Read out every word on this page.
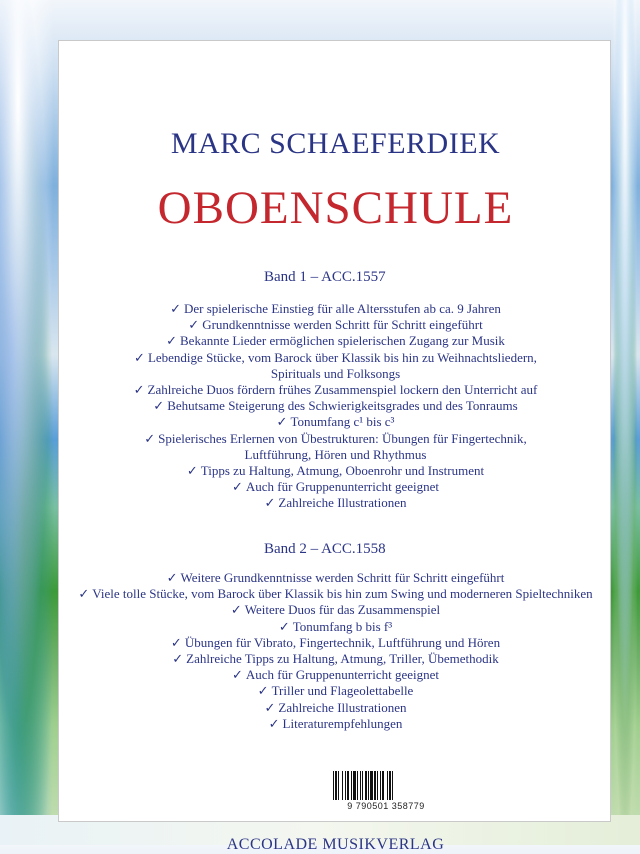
MARC SCHAEFERDIEK
OBOENSCHULE
Band 1 – ACC.1557
✓ Der spielerische Einstieg für alle Altersstufen ab ca. 9 Jahren
✓ Grundkenntnisse werden Schritt für Schritt eingeführt
✓ Bekannte Lieder ermöglichen spielerischen Zugang zur Musik
✓ Lebendige Stücke, vom Barock über Klassik bis hin zu Weihnachtsliedern,
Spirituals und Folksongs
✓ Zahlreiche Duos fördern frühes Zusammenspiel lockern den Unterricht auf
✓ Behutsame Steigerung des Schwierigkeitsgrades und des Tonraums
✓ Tonumfang c¹ bis c³
✓ Spielerisches Erlernen von Übestrukturen: Übungen für Fingertechnik,
Luftführung, Hören und Rhythmus
✓ Tipps zu Haltung, Atmung, Oboenrohr und Instrument
✓ Auch für Gruppenunterricht geeignet
✓ Zahlreiche Illustrationen
Band 2 – ACC.1558
✓ Weitere Grundkenntnisse werden Schritt für Schritt eingeführt
✓ Viele tolle Stücke, vom Barock über Klassik bis hin zum Swing und moderneren Spieltechniken
✓ Weitere Duos für das Zusammenspiel
✓ Tonumfang b bis f³
✓ Übungen für Vibrato, Fingertechnik, Luftführung und Hören
✓ Zahlreiche Tipps zu Haltung, Atmung, Triller, Übemethodik
✓ Auch für Gruppenunterricht geeignet
✓ Triller und Flageolettabelle
✓ Zahlreiche Illustrationen
✓ Literaturempfehlungen
9 790501 358779
ACCOLADE MUSIKVERLAG
